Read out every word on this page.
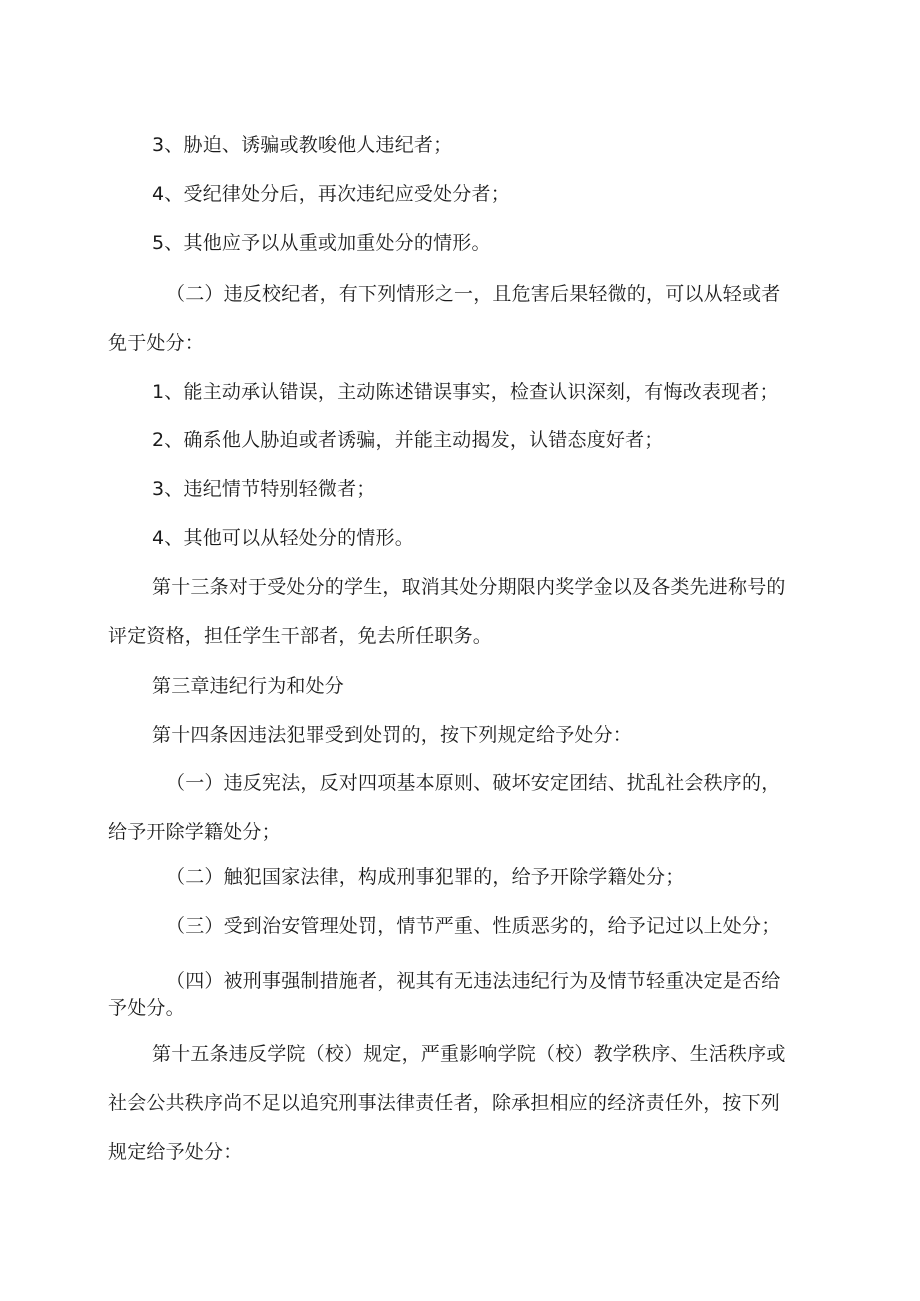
3、胁迫、诱骗或教唆他人违纪者；
4、受纪律处分后，再次违纪应受处分者；
5、其他应予以从重或加重处分的情形。
（二）违反校纪者，有下列情形之一，且危害后果轻微的，可以从轻或者
免于处分：
1、能主动承认错误，主动陈述错误事实，检查认识深刻，有悔改表现者；
2、确系他人胁迫或者诱骗，并能主动揭发，认错态度好者；
3、违纪情节特别轻微者；
4、其他可以从轻处分的情形。
第十三条对于受处分的学生，取消其处分期限内奖学金以及各类先进称号的
评定资格，担任学生干部者，免去所任职务。
第三章违纪行为和处分
第十四条因违法犯罪受到处罚的，按下列规定给予处分：
（一）违反宪法，反对四项基本原则、破坏安定团结、扰乱社会秩序的，
给予开除学籍处分；
（二）触犯国家法律，构成刑事犯罪的，给予开除学籍处分；
（三）受到治安管理处罚，情节严重、性质恶劣的，给予记过以上处分；
（四）被刑事强制措施者，视其有无违法违纪行为及情节轻重决定是否给
予处分。
第十五条违反学院（校）规定，严重影响学院（校）教学秩序、生活秩序或
社会公共秩序尚不足以追究刑事法律责任者，除承担相应的经济责任外，按下列
规定给予处分：
